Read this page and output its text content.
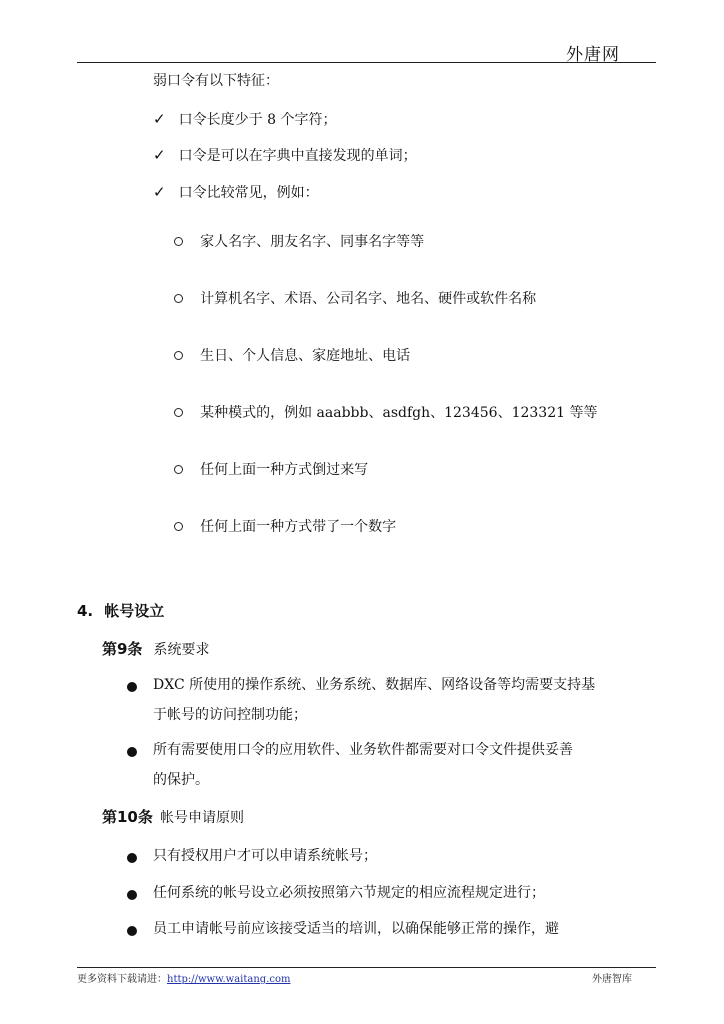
外唐网
弱口令有以下特征：
✓ 口令长度少于 8 个字符；
✓ 口令是可以在字典中直接发现的单词；
✓ 口令比较常见，例如：
家人名字、朋友名字、同事名字等等
计算机名字、术语、公司名字、地名、硬件或软件名称
生日、个人信息、家庭地址、电话
某种模式的，例如 aaabbb、asdfgh、123456、123321 等等
任何上面一种方式倒过来写
任何上面一种方式带了一个数字
4. 帐号设立
第9条 系统要求
DXC 所使用的操作系统、业务系统、数据库、网络设备等均需要支持基
于帐号的访问控制功能；
所有需要使用口令的应用软件、业务软件都需要对口令文件提供妥善
的保护。
第10条 帐号申请原则
只有授权用户才可以申请系统帐号；
任何系统的帐号设立必须按照第六节规定的相应流程规定进行；
员工申请帐号前应该接受适当的培训，以确保能够正常的操作，避
更多资料下载请进：http://www.waitang.com	外唐智库
